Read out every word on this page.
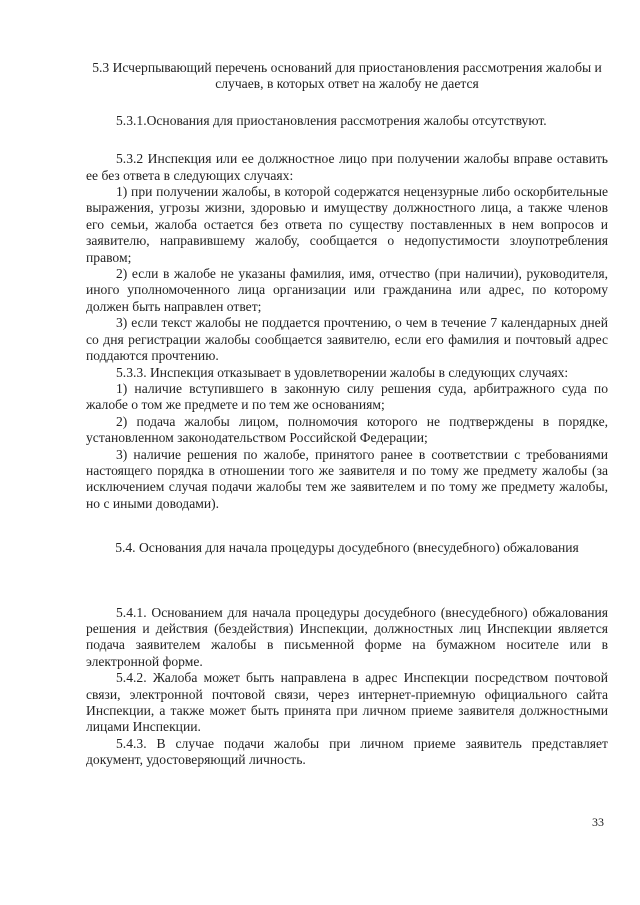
5.3 Исчерпывающий перечень оснований для приостановления рассмотрения жалобы и случаев, в которых ответ на жалобу не дается

5.3.1.Основания для приостановления рассмотрения жалобы отсутствуют.

5.3.2 Инспекция или ее должностное лицо при получении жалобы вправе оставить ее без ответа в следующих случаях:

1) при получении жалобы, в которой содержатся нецензурные либо оскорбительные выражения, угрозы жизни, здоровью и имуществу должностного лица, а также членов его семьи, жалоба остается без ответа по существу поставленных в нем вопросов и заявителю, направившему жалобу, сообщается о недопустимости злоупотребления правом;

2) если в жалобе не указаны фамилия, имя, отчество (при наличии), руководителя, иного уполномоченного лица организации или гражданина или адрес, по которому должен быть направлен ответ;

3) если текст жалобы не поддается прочтению, о чем в течение 7 календарных дней со дня регистрации жалобы сообщается заявителю, если его фамилия и почтовый адрес поддаются прочтению.

5.3.3. Инспекция отказывает в удовлетворении жалобы в следующих случаях:

1) наличие вступившего в законную силу решения суда, арбитражного суда по жалобе о том же предмете и по тем же основаниям;

2) подача жалобы лицом, полномочия которого не подтверждены в порядке, установленном законодательством Российской Федерации;

3) наличие решения по жалобе, принятого ранее в соответствии с требованиями настоящего порядка в отношении того же заявителя и по тому же предмету жалобы (за исключением случая подачи жалобы тем же заявителем и по тому же предмету жалобы, но с иными доводами).

5.4. Основания для начала процедуры досудебного (внесудебного) обжалования

5.4.1. Основанием для начала процедуры досудебного (внесудебного) обжалования решения и действия (бездействия) Инспекции, должностных лиц Инспекции является подача заявителем жалобы в письменной форме на бумажном носителе или в электронной форме.

5.4.2. Жалоба может быть направлена в адрес Инспекции посредством почтовой связи, электронной почтовой связи, через интернет-приемную официального сайта Инспекции, а также может быть принята при личном приеме заявителя должностными лицами Инспекции.

5.4.3. В случае подачи жалобы при личном приеме заявитель представляет документ, удостоверяющий личность.

33
